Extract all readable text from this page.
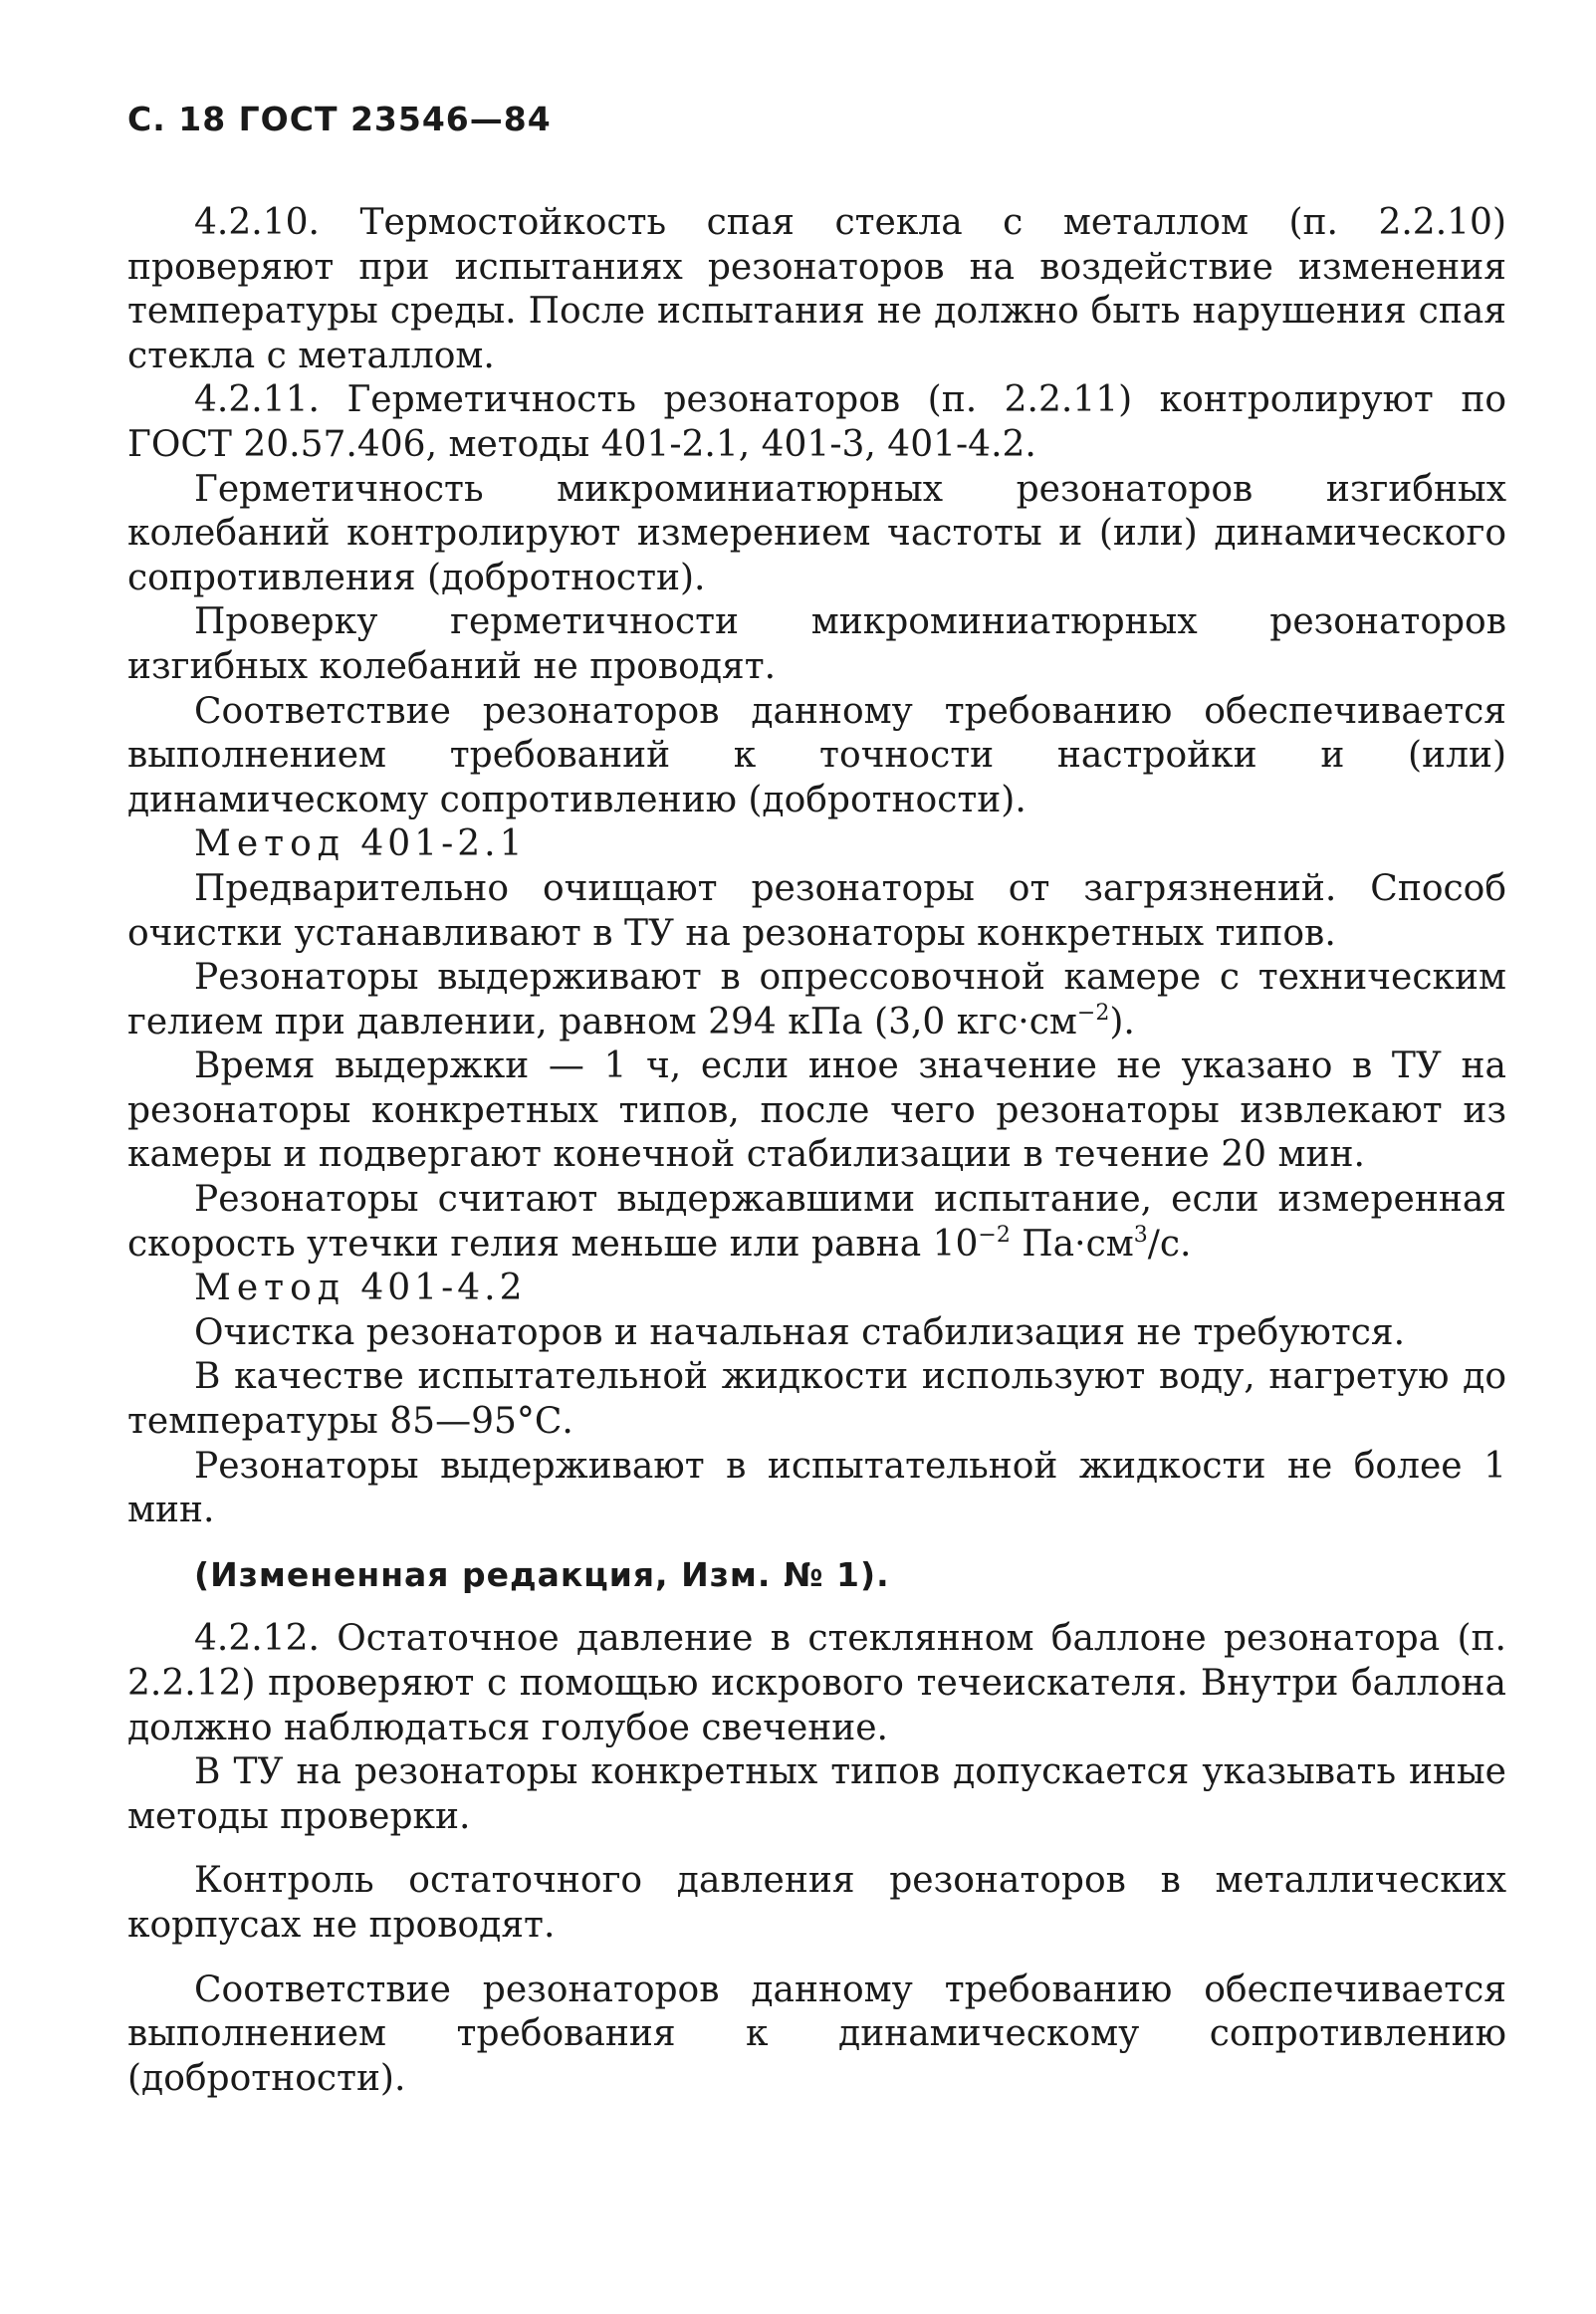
С. 18 ГОСТ 23546—84

4.2.10. Термостойкость спая стекла с металлом (п. 2.2.10) проверяют при испытаниях резонаторов на воздействие изменения температуры среды. После испытания не должно быть нарушения спая стекла с металлом.

4.2.11. Герметичность резонаторов (п. 2.2.11) контролируют по ГОСТ 20.57.406, методы 401-2.1, 401-3, 401-4.2.

Герметичность микроминиатюрных резонаторов изгибных колебаний контролируют измерением частоты и (или) динамического сопротивления (добротности).

Проверку герметичности микроминиатюрных резонаторов изгибных колебаний не проводят.

Соответствие резонаторов данному требованию обеспечивается выполнением требований к точности настройки и (или) динамическому сопротивлению (добротности).

Метод 401-2.1

Предварительно очищают резонаторы от загрязнений. Способ очистки устанавливают в ТУ на резонаторы конкретных типов.

Резонаторы выдерживают в опрессовочной камере с техническим гелием при давлении, равном 294 кПа (3,0 $кгс\cdot см^{-2}$).

Время выдержки — 1 ч, если иное значение не указано в ТУ на резонаторы конкретных типов, после чего резонаторы извлекают из камеры и подвергают конечной стабилизации в течение 20 мин.

Резонаторы считают выдержавшими испытание, если измеренная скорость утечки гелия меньше или равна $10^{-2}$ $Па\cdot см^3/с$.

Метод 401-4.2

Очистка резонаторов и начальная стабилизация не требуются.

В качестве испытательной жидкости используют воду, нагретую до температуры 85—95°С.

Резонаторы выдерживают в испытательной жидкости не более 1 мин.

(Измененная редакция, Изм. № 1).

4.2.12. Остаточное давление в стеклянном баллоне резонатора (п. 2.2.12) проверяют с помощью искрового течеискателя. Внутри баллона должно наблюдаться голубое свечение.

В ТУ на резонаторы конкретных типов допускается указывать иные методы проверки.

Контроль остаточного давления резонаторов в металлических корпусах не проводят.

Соответствие резонаторов данному требованию обеспечивается выполнением требования к динамическому сопротивлению (добротности).
